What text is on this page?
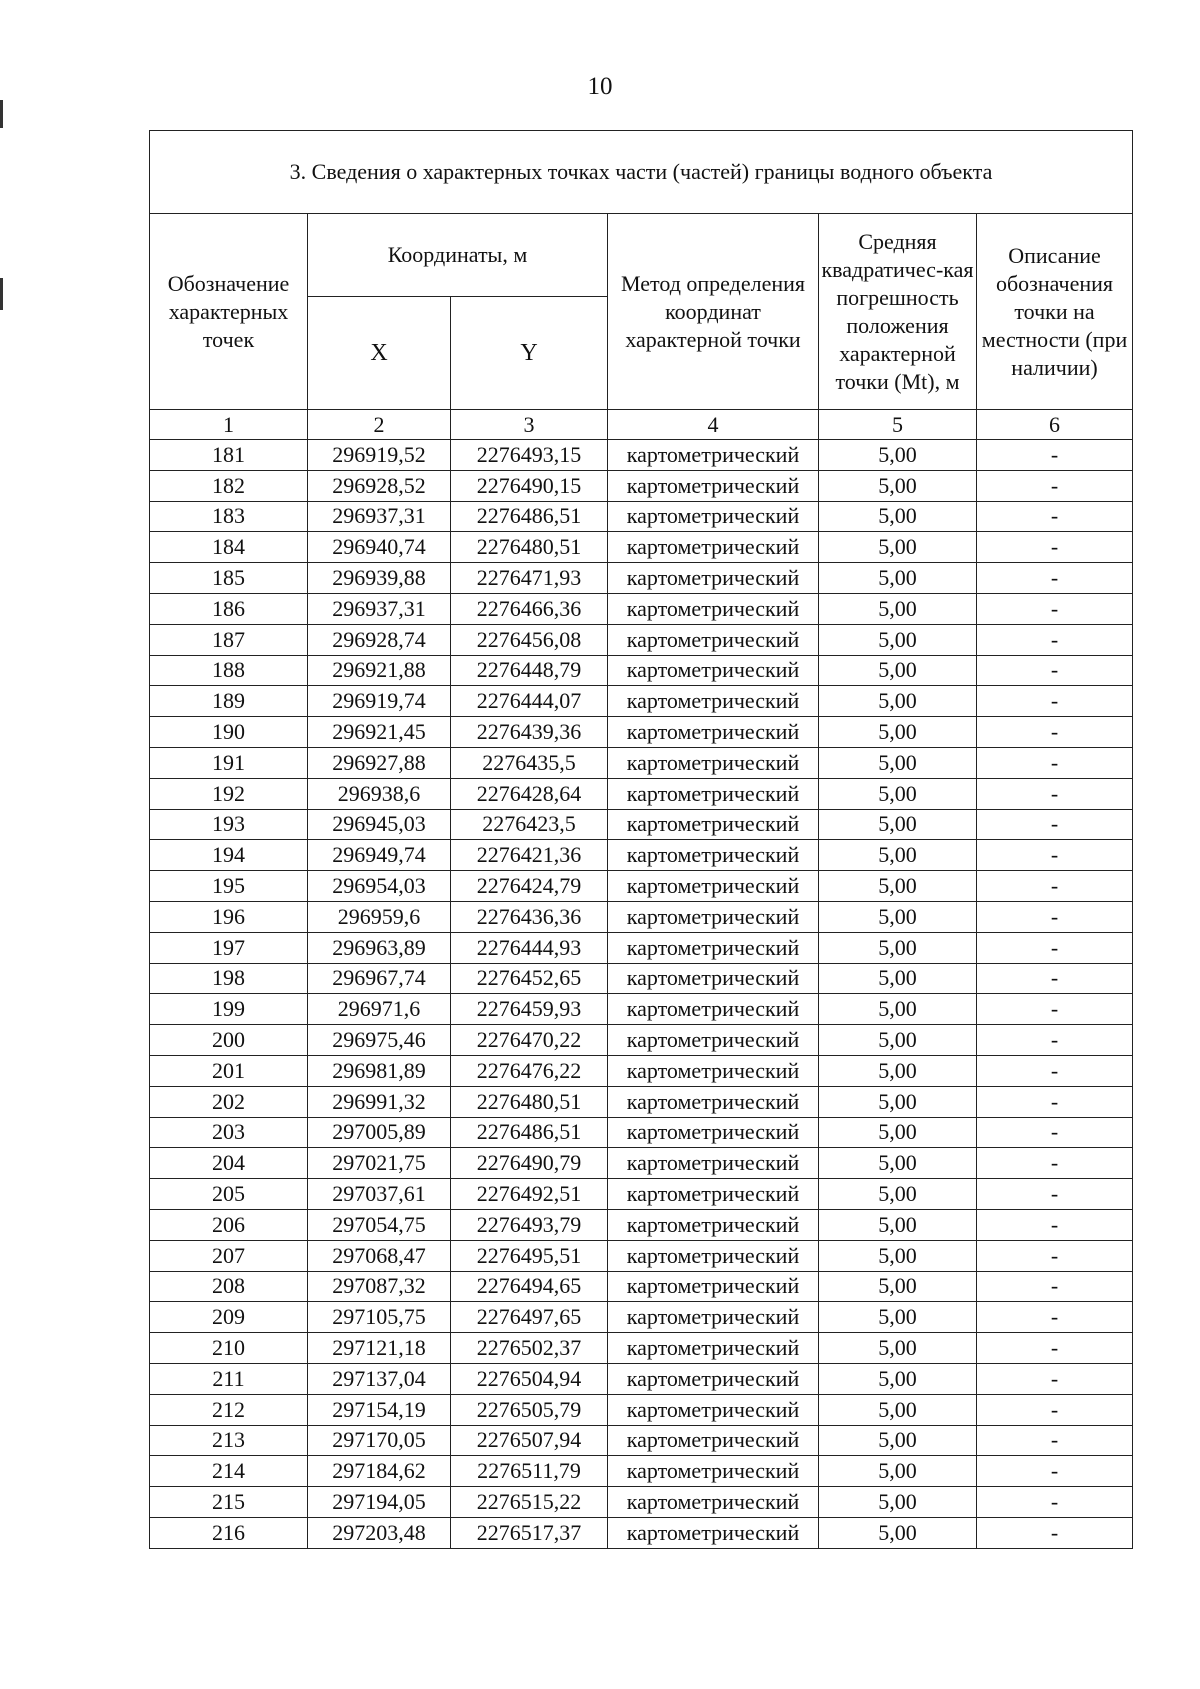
10
3. Сведения о характерных точках части (частей) границы водного объекта					
Обозначение характерных точек	Координаты, м		Метод определения координат характерной точки	Средняя квадратичес-кая погрешность положения характерной точки (Mt), м	Описание обозначения точки на местности (при наличии)
	X	Y			
1	2	3	4	5	6
181	296919,52	2276493,15	картометрический	5,00	-
182	296928,52	2276490,15	картометрический	5,00	-
183	296937,31	2276486,51	картометрический	5,00	-
184	296940,74	2276480,51	картометрический	5,00	-
185	296939,88	2276471,93	картометрический	5,00	-
186	296937,31	2276466,36	картометрический	5,00	-
187	296928,74	2276456,08	картометрический	5,00	-
188	296921,88	2276448,79	картометрический	5,00	-
189	296919,74	2276444,07	картометрический	5,00	-
190	296921,45	2276439,36	картометрический	5,00	-
191	296927,88	2276435,5	картометрический	5,00	-
192	296938,6	2276428,64	картометрический	5,00	-
193	296945,03	2276423,5	картометрический	5,00	-
194	296949,74	2276421,36	картометрический	5,00	-
195	296954,03	2276424,79	картометрический	5,00	-
196	296959,6	2276436,36	картометрический	5,00	-
197	296963,89	2276444,93	картометрический	5,00	-
198	296967,74	2276452,65	картометрический	5,00	-
199	296971,6	2276459,93	картометрический	5,00	-
200	296975,46	2276470,22	картометрический	5,00	-
201	296981,89	2276476,22	картометрический	5,00	-
202	296991,32	2276480,51	картометрический	5,00	-
203	297005,89	2276486,51	картометрический	5,00	-
204	297021,75	2276490,79	картометрический	5,00	-
205	297037,61	2276492,51	картометрический	5,00	-
206	297054,75	2276493,79	картометрический	5,00	-
207	297068,47	2276495,51	картометрический	5,00	-
208	297087,32	2276494,65	картометрический	5,00	-
209	297105,75	2276497,65	картометрический	5,00	-
210	297121,18	2276502,37	картометрический	5,00	-
211	297137,04	2276504,94	картометрический	5,00	-
212	297154,19	2276505,79	картометрический	5,00	-
213	297170,05	2276507,94	картометрический	5,00	-
214	297184,62	2276511,79	картометрический	5,00	-
215	297194,05	2276515,22	картометрический	5,00	-
216	297203,48	2276517,37	картометрический	5,00	-
